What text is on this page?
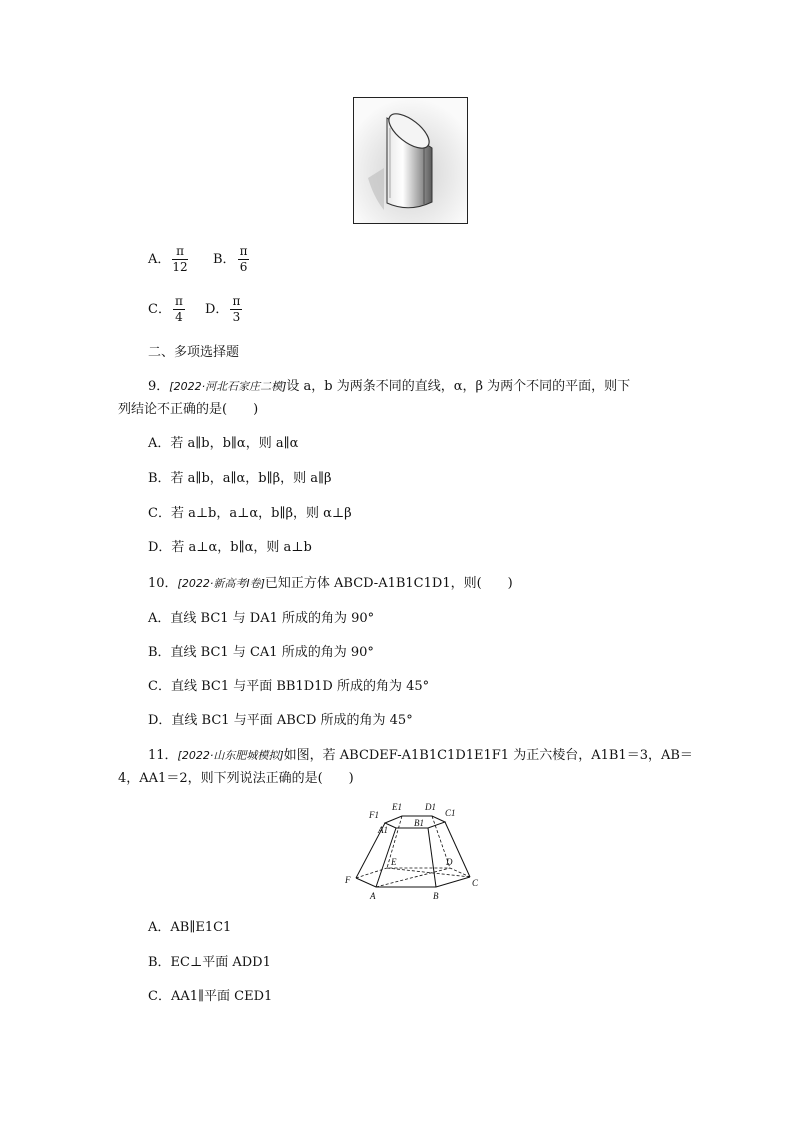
A． $\frac{\pi}{12}$ B． $\frac{\pi}{6}$
C． $\frac{\pi}{4}$ D． $\frac{\pi}{3}$
二、多项选择题
9．[2022·河北石家庄二模]设 a，b 为两条不同的直线，α，β 为两个不同的平面，则下
列结论不正确的是(　　)
A．若 a∥b，b∥α，则 a∥α
B．若 a∥b，a∥α，b∥β，则 a∥β
C．若 a⊥b，a⊥α，b∥β，则 α⊥β
D．若 a⊥α，b∥α，则 a⊥b
10．[2022·新高考Ⅰ卷]已知正方体 ABCD-A1B1C1D1，则(　　)
A．直线 BC1 与 DA1 所成的角为 90°
B．直线 BC1 与 CA1 所成的角为 90°
C．直线 BC1 与平面 BB1D1D 所成的角为 45°
D．直线 BC1 与平面 ABCD 所成的角为 45°
11．[2022·山东肥城模拟]如图，若 ABCDEF-A1B1C1D1E1F1 为正六棱台，A1B1＝3，AB＝
4，AA1＝2，则下列说法正确的是(　　)
F1
E1	D1
C1
A1
B1
E	D
F	C
A	B
A．AB∥E1C1
B．EC⊥平面 ADD1
C．AA1∥平面 CED1
